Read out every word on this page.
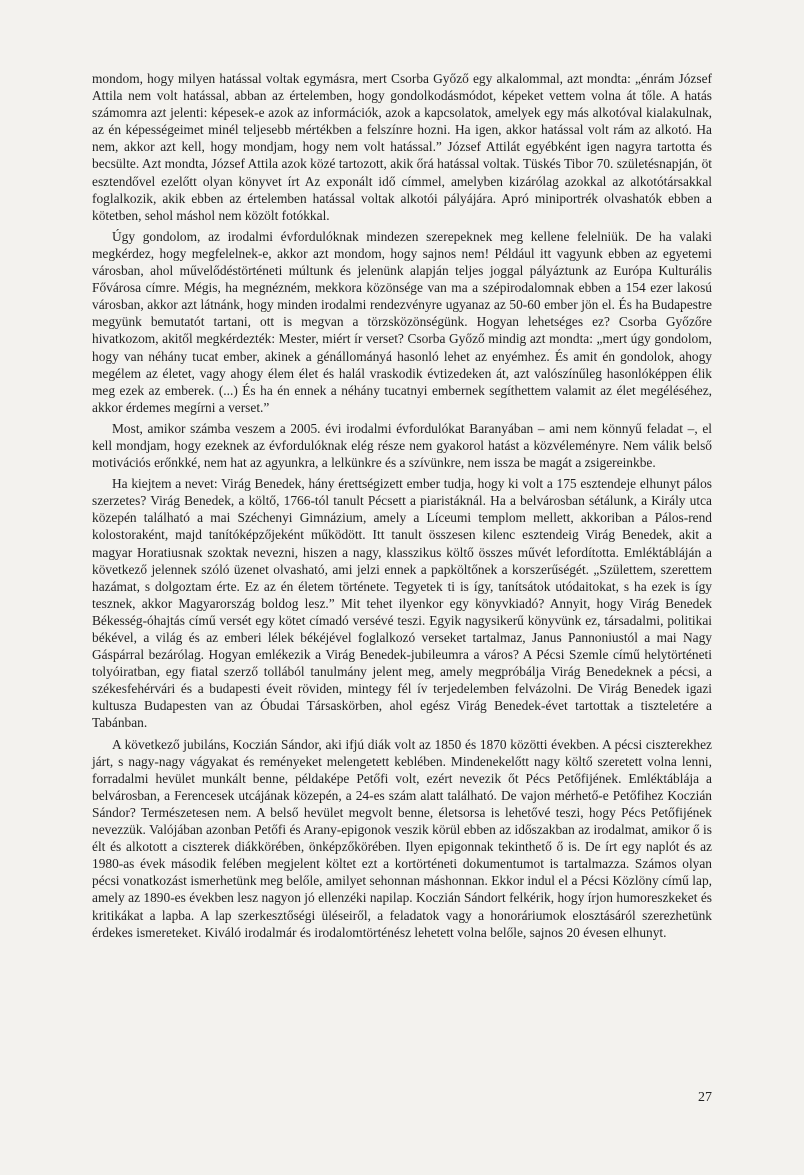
mondom, hogy milyen hatással voltak egymásra, mert Csorba Győző egy alkalommal, azt mondta: „énrám József Attila nem volt hatással, abban az értelemben, hogy gondolkodásmódot, képeket vettem volna át tőle. A hatás számomra azt jelenti: képesek-e azok az információk, azok a kapcsolatok, amelyek egy más alkotóval kialakulnak, az én képességeimet minél teljesebb mértékben a felszínre hozni. Ha igen, akkor hatással volt rám az alkotó. Ha nem, akkor azt kell, hogy mondjam, hogy nem volt hatással.” József Attilát egyébként igen nagyra tartotta és becsülte. Azt mondta, József Attila azok közé tartozott, akik őrá hatással voltak. Tüskés Tibor 70. születésnapján, öt esztendővel ezelőtt olyan könyvet írt Az exponált idő címmel, amelyben kizárólag azokkal az alkotótársakkal foglalkozik, akik ebben az értelemben hatással voltak alkotói pályájára. Apró miniportrék olvashatók ebben a kötetben, sehol máshol nem közölt fotókkal.
Úgy gondolom, az irodalmi évfordulóknak mindezen szerepeknek meg kellene felelniük. De ha valaki megkérdez, hogy megfelelnek-e, akkor azt mondom, hogy sajnos nem! Például itt vagyunk ebben az egyetemi városban, ahol művelődéstörténeti múltunk és jelenünk alapján teljes joggal pályáztunk az Európa Kulturális Fővárosa címre. Mégis, ha megnézném, mekkora közönsége van ma a szépirodalomnak ebben a 154 ezer lakosú városban, akkor azt látnánk, hogy minden irodalmi rendezvényre ugyanaz az 50-60 ember jön el. És ha Budapestre megyünk bemutatót tartani, ott is megvan a törzsközönségünk. Hogyan lehetséges ez? Csorba Győzőre hivatkozom, akitől megkérdezték: Mester, miért ír verset? Csorba Győző mindig azt mondta: „mert úgy gondolom, hogy van néhány tucat ember, akinek a génállományá hasonló lehet az enyémhez. És amit én gondolok, ahogy megélem az életet, vagy ahogy élem élet és halál vraskodik évtizedeken át, azt valószínűleg hasonlóképpen élik meg ezek az emberek. (...) És ha én ennek a néhány tucatnyi embernek segíthettem valamit az élet megéléséhez, akkor érdemes megírni a verset.”
Most, amikor számba veszem a 2005. évi irodalmi évfordulókat Baranyában – ami nem könnyű feladat –, el kell mondjam, hogy ezeknek az évfordulóknak elég része nem gyakorol hatást a közvéleményre. Nem válik belső motivációs erőnkké, nem hat az agyunkra, a lelkünkre és a szívünkre, nem issza be magát a zsigereinkbe.
Ha kiejtem a nevet: Virág Benedek, hány érettségizett ember tudja, hogy ki volt a 175 esztendeje elhunyt pálos szerzetes? Virág Benedek, a költő, 1766-tól tanult Pécsett a piaristáknál. Ha a belvárosban sétálunk, a Király utca közepén található a mai Széchenyi Gimnázium, amely a Líceumi templom mellett, akkoriban a Pálos-rend kolostoraként, majd tanítóképzőjeként működött. Itt tanult összesen kilenc esztendeig Virág Benedek, akit a magyar Horatiusnak szoktak nevezni, hiszen a nagy, klasszikus költő összes művét lefordította. Emléktábláján a következő jelennek szóló üzenet olvasható, ami jelzi ennek a papköltőnek a korszerűségét. „Születtem, szerettem hazámat, s dolgoztam érte. Ez az én életem története. Tegyetek ti is így, tanítsátok utódaitokat, s ha ezek is így tesznek, akkor Magyarország boldog lesz.” Mit tehet ilyenkor egy könyvkiadó? Annyit, hogy Virág Benedek Békesség-óhajtás című versét egy kötet címadó versévé teszi. Egyik nagysikerű könyvünk ez, társadalmi, politikai békével, a világ és az emberi lélek békéjével foglalkozó verseket tartalmaz, Janus Pannoniustól a mai Nagy Gáspárral bezárólag. Hogyan emlékezik a Virág Benedek-jubileumra a város? A Pécsi Szemle című helytörténeti tolyóiratban, egy fiatal szerző tollából tanulmány jelent meg, amely megpróbálja Virág Benedeknek a pécsi, a székesfehérvári és a budapesti éveit röviden, mintegy fél ív terjedelemben felvázolni. De Virág Benedek igazi kultusza Budapesten van az Óbudai Társaskörben, ahol egész Virág Benedek-évet tartottak a tiszteletére a Tabánban.
A következő jubiláns, Koczián Sándor, aki ifjú diák volt az 1850 és 1870 közötti években. A pécsi ciszterekhez járt, s nagy-nagy vágyakat és reményeket melengetett keblében. Mindenekelőtt nagy költő szeretett volna lenni, forradalmi hevület munkált benne, példaképe Petőfi volt, ezért nevezik őt Pécs Petőfijének. Emléktáblája a belvárosban, a Ferencesek utcájának közepén, a 24-es szám alatt található. De vajon mérhető-e Petőfihez Koczián Sándor? Természetesen nem. A belső hevület megvolt benne, életsorsa is lehetővé teszi, hogy Pécs Petőfijének nevezzük. Valójában azonban Petőfi és Arany-epigonok veszik körül ebben az időszakban az irodalmat, amikor ő is élt és alkotott a ciszterek diákkörében, önképzőkörében. Ilyen epigonnak tekinthető ő is. De írt egy naplót és az 1980-as évek második felében megjelent költet ezt a kortörténeti dokumentumot is tartalmazza. Számos olyan pécsi vonatkozást ismerhetünk meg belőle, amilyet sehonnan máshonnan. Ekkor indul el a Pécsi Közlöny című lap, amely az 1890-es években lesz nagyon jó ellenzéki napilap. Koczián Sándort felkérik, hogy írjon humoreszkeket és kritikákat a lapba. A lap szerkesztőségi üléseiről, a feladatok vagy a honoráriumok elosztásáról szerezhetünk érdekes ismereteket. Kiváló irodalmár és irodalomtörténész lehetett volna belőle, sajnos 20 évesen elhunyt.
27
